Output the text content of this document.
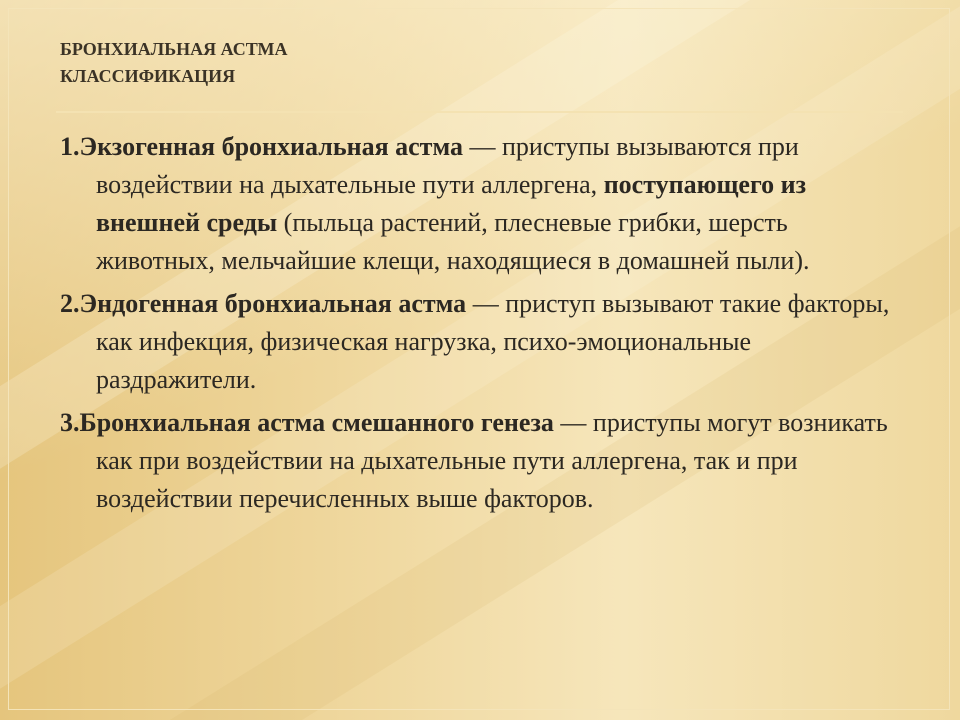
БРОНХИАЛЬНАЯ АСТМА
КЛАССИФИКАЦИЯ

1.Экзогенная бронхиальная астма — приступы вызываются при воздействии на дыхательные пути аллергена, поступающего из внешней среды (пыльца растений, плесневые грибки, шерсть животных, мельчайшие клещи, находящиеся в домашней пыли).

2.Эндогенная бронхиальная астма — приступ вызывают такие факторы, как инфекция, физическая нагрузка, психо-эмоциональные раздражители.

3.Бронхиальная астма смешанного генеза — приступы могут возникать как при воздействии на дыхательные пути аллергена, так и при воздействии перечисленных выше факторов.
